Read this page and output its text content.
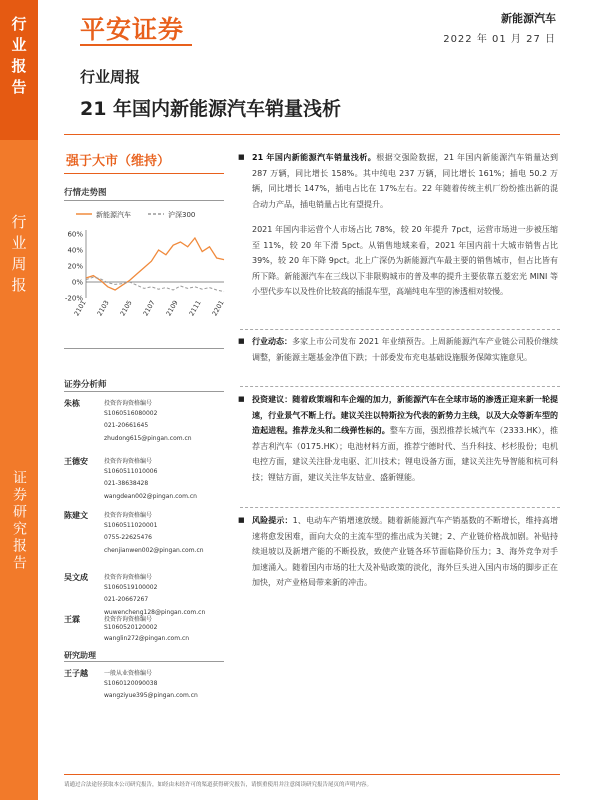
行业报告
行业周报
证券研究报告
平安证券	新能源汽车
2022 年 01 月 27 日
行业周报
21 年国内新能源汽车销量浅析
强于大市（维持）
行情走势图
新能源汽车	沪深300
60%
40%
20%
0%
-20%
2101 2103 2105 2107 2109 2111 2201
证券分析师
朱栋	投资咨询资格编号
S1060516080002
021-20661645
zhudong615@pingan.com.cn
王德安	投资咨询资格编号
S1060511010006
021-38638428
wangdean002@pingan.com.cn
陈建文	投资咨询资格编号
S1060511020001
0755-22625476
chenjianwen002@pingan.com.cn
吴文成	投资咨询资格编号
S1060519100002
021-20667267
wuwencheng128@pingan.com.cn
王霖	投资咨询资格编号
S1060520120002
wanglin272@pingan.com.cn
研究助理
王子越	一般从业资格编号
S1060120090038
wangziyue395@pingan.com.cn
■ 21 年国内新能源汽车销量浅析。根据交强险数据，21 年国内新能源汽车销量达到 287 万辆，同比增长 158%。其中纯电 237 万辆，同比增长 161%；插电 50.2 万辆，同比增长 147%，插电占比在 17%左右。22 年随着传统主机厂纷纷推出新的混合动力产品，插电销量占比有望提升。
2021 年国内非运营个人市场占比 78%，较 20 年提升 7pct，运营市场进一步被压缩至 11%，较 20 年下滑 5pct。从销售地域来看，2021 年国内前十大城市销售占比 39%，较 20 年下降 9pct。北上广深仍为新能源汽车最主要的销售城市，但占比皆有所下降。新能源汽车在三线以下非限购城市的普及率的提升主要依靠五菱宏光 MINI 等小型代步车以及性价比较高的插混车型，高端纯电车型的渗透相对较慢。
■ 行业动态：多家上市公司发布 2021 年业绩预告。上周新能源汽车产业链公司股价继续调整，新能源主题基金净值下跌；十部委发布充电基础设施服务保障实施意见。
■ 投资建议：随着政策端和车企端的加力，新能源汽车在全球市场的渗透正迎来新一轮提速，行业景气不断上行。建议关注以特斯拉为代表的新势力主线，以及大众等新车型的造起进程。推荐龙头和二线弹性标的。整车方面，强烈推荐长城汽车（2333.HK），推荐吉利汽车（0175.HK）；电池材料方面，推荐宁德时代、当升科技、杉杉股份；电机电控方面，建议关注卧龙电驱、汇川技术；锂电设备方面，建议关注先导智能和杭可科技；锂钴方面，建议关注华友钴业、盛新锂能。
■ 风险提示：1、电动车产销增速放缓。随着新能源汽车产销基数的不断增长，维持高增速将愈发困难，面向大众的主流车型的推出成为关键；2、产业链价格战加剧。补贴持续退坡以及新增产能的不断投放，致使产业链各环节面临降价压力；3、海外竞争对手加速涌入。随着国内市场的壮大及补贴政策的淡化，海外巨头进入国内市场的脚步正在加快，对产业格局带来新的冲击。
请通过合法途径获取本公司研究报告，如经由未经许可的渠道获得研究报告，请慎重使用并注意阅读研究报告尾页的声明内容。
